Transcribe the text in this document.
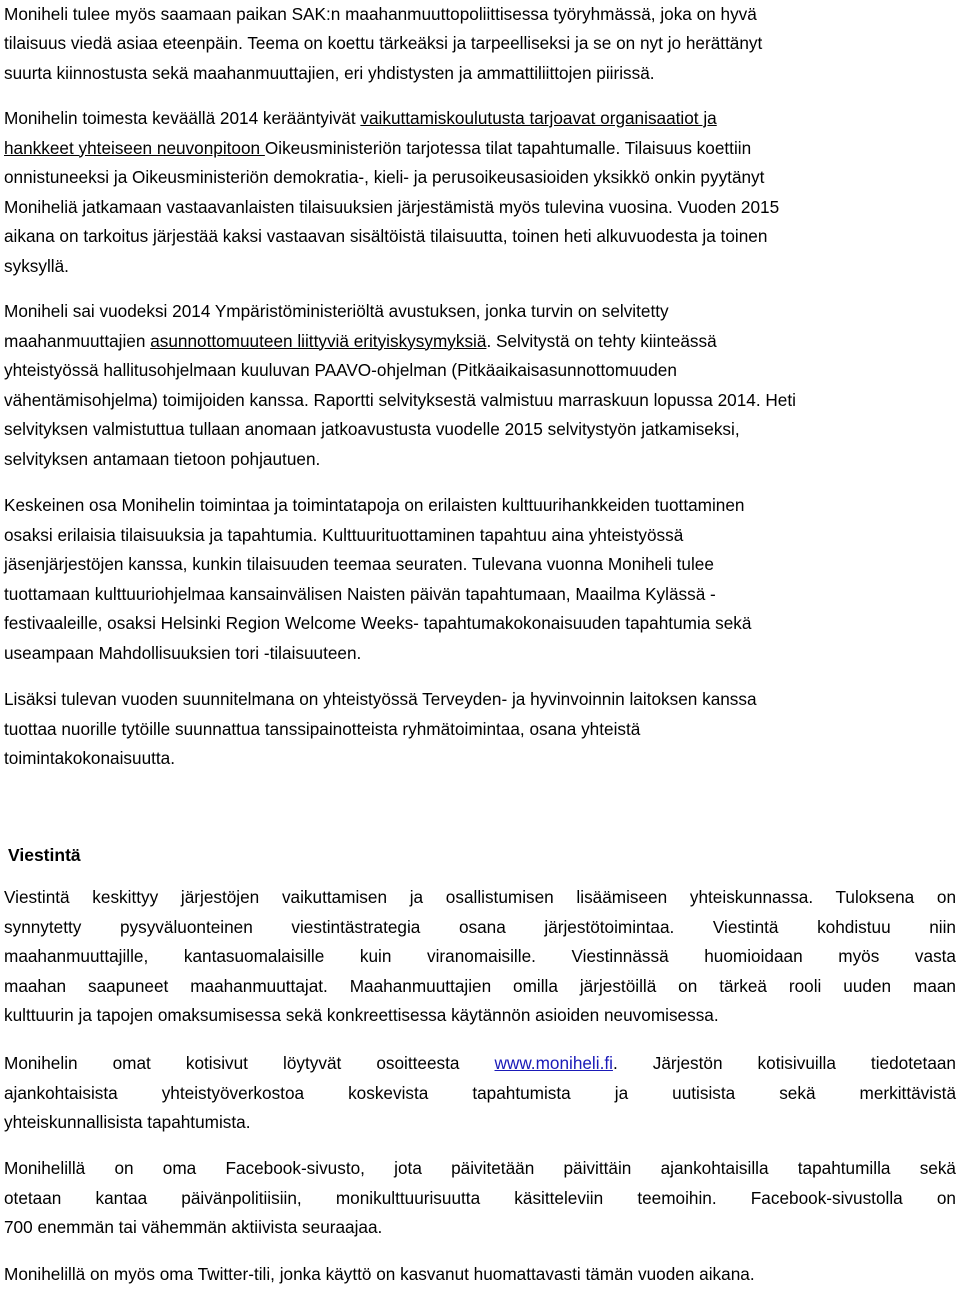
Moniheli tulee myös saamaan paikan SAK:n maahanmuuttopoliittisessa työryhmässä, joka on hyvä
tilaisuus viedä asiaa eteenpäin. Teema on koettu tärkeäksi ja tarpeelliseksi ja se on nyt jo herättänyt
suurta kiinnostusta sekä maahanmuuttajien, eri yhdistysten ja ammattiliittojen piirissä.
Monihelin toimesta keväällä 2014 kerääntyivät vaikuttamiskoulutusta tarjoavat organisaatiot ja
hankkeet yhteiseen neuvonpitoon Oikeusministeriön tarjotessa tilat tapahtumalle. Tilaisuus koettiin
onnistuneeksi ja Oikeusministeriön demokratia-, kieli- ja perusoikeusasioiden yksikkö onkin pyytänyt
Moniheliä jatkamaan vastaavanlaisten tilaisuuksien järjestämistä myös tulevina vuosina. Vuoden 2015
aikana on tarkoitus järjestää kaksi vastaavan sisältöistä tilaisuutta, toinen heti alkuvuodesta ja toinen
syksyllä.
Moniheli sai vuodeksi 2014 Ympäristöministeriöltä avustuksen, jonka turvin on selvitetty
maahanmuuttajien asunnottomuuteen liittyviä erityiskysymyksiä. Selvitystä on tehty kiinteässä
yhteistyössä hallitusohjelmaan kuuluvan PAAVO-ohjelman (Pitkäaikaisasunnottomuuden
vähentämisohjelma) toimijoiden kanssa. Raportti selvityksestä valmistuu marraskuun lopussa 2014. Heti
selvityksen valmistuttua tullaan anomaan jatkoavustusta vuodelle 2015 selvitystyön jatkamiseksi,
selvityksen antamaan tietoon pohjautuen.
Keskeinen osa Monihelin toimintaa ja toimintatapoja on erilaisten kulttuurihankkeiden tuottaminen
osaksi erilaisia tilaisuuksia ja tapahtumia. Kulttuurituottaminen tapahtuu aina yhteistyössä
jäsenjärjestöjen kanssa, kunkin tilaisuuden teemaa seuraten. Tulevana vuonna Moniheli tulee
tuottamaan kulttuuriohjelmaa kansainvälisen Naisten päivän tapahtumaan, Maailma Kylässä -
festivaaleille, osaksi Helsinki Region Welcome Weeks- tapahtumakokonaisuuden tapahtumia sekä
useampaan Mahdollisuuksien tori -tilaisuuteen.
Lisäksi tulevan vuoden suunnitelmana on yhteistyössä Terveyden- ja hyvinvoinnin laitoksen kanssa
tuottaa nuorille tytöille suunnattua tanssipainotteista ryhmätoimintaa, osana yhteistä
toimintakokonaisuutta.
Viestintä
Viestintä keskittyy järjestöjen vaikuttamisen ja osallistumisen lisäämiseen yhteiskunnassa. Tuloksena on
synnytetty pysyväluonteinen viestintästrategia osana järjestötoimintaa. Viestintä kohdistuu niin
maahanmuuttajille, kantasuomalaisille kuin viranomaisille. Viestinnässä huomioidaan myös vasta
maahan saapuneet maahanmuuttajat. Maahanmuuttajien omilla järjestöillä on tärkeä rooli uuden maan
kulttuurin ja tapojen omaksumisessa sekä konkreettisessa käytännön asioiden neuvomisessa.
Monihelin omat kotisivut löytyvät osoitteesta www.moniheli.fi. Järjestön kotisivuilla tiedotetaan
ajankohtaisista yhteistyöverkostoa koskevista tapahtumista ja uutisista sekä merkittävistä
yhteiskunnallisista tapahtumista.
Monihelillä on oma Facebook-sivusto, jota päivitetään päivittäin ajankohtaisilla tapahtumilla sekä
otetaan kantaa päivänpolitiisiin, monikulttuurisuutta käsitteleviin teemoihin. Facebook-sivustolla on
700 enemmän tai vähemmän aktiivista seuraajaa.
Monihelillä on myös oma Twitter-tili, jonka käyttö on kasvanut huomattavasti tämän vuoden aikana.
